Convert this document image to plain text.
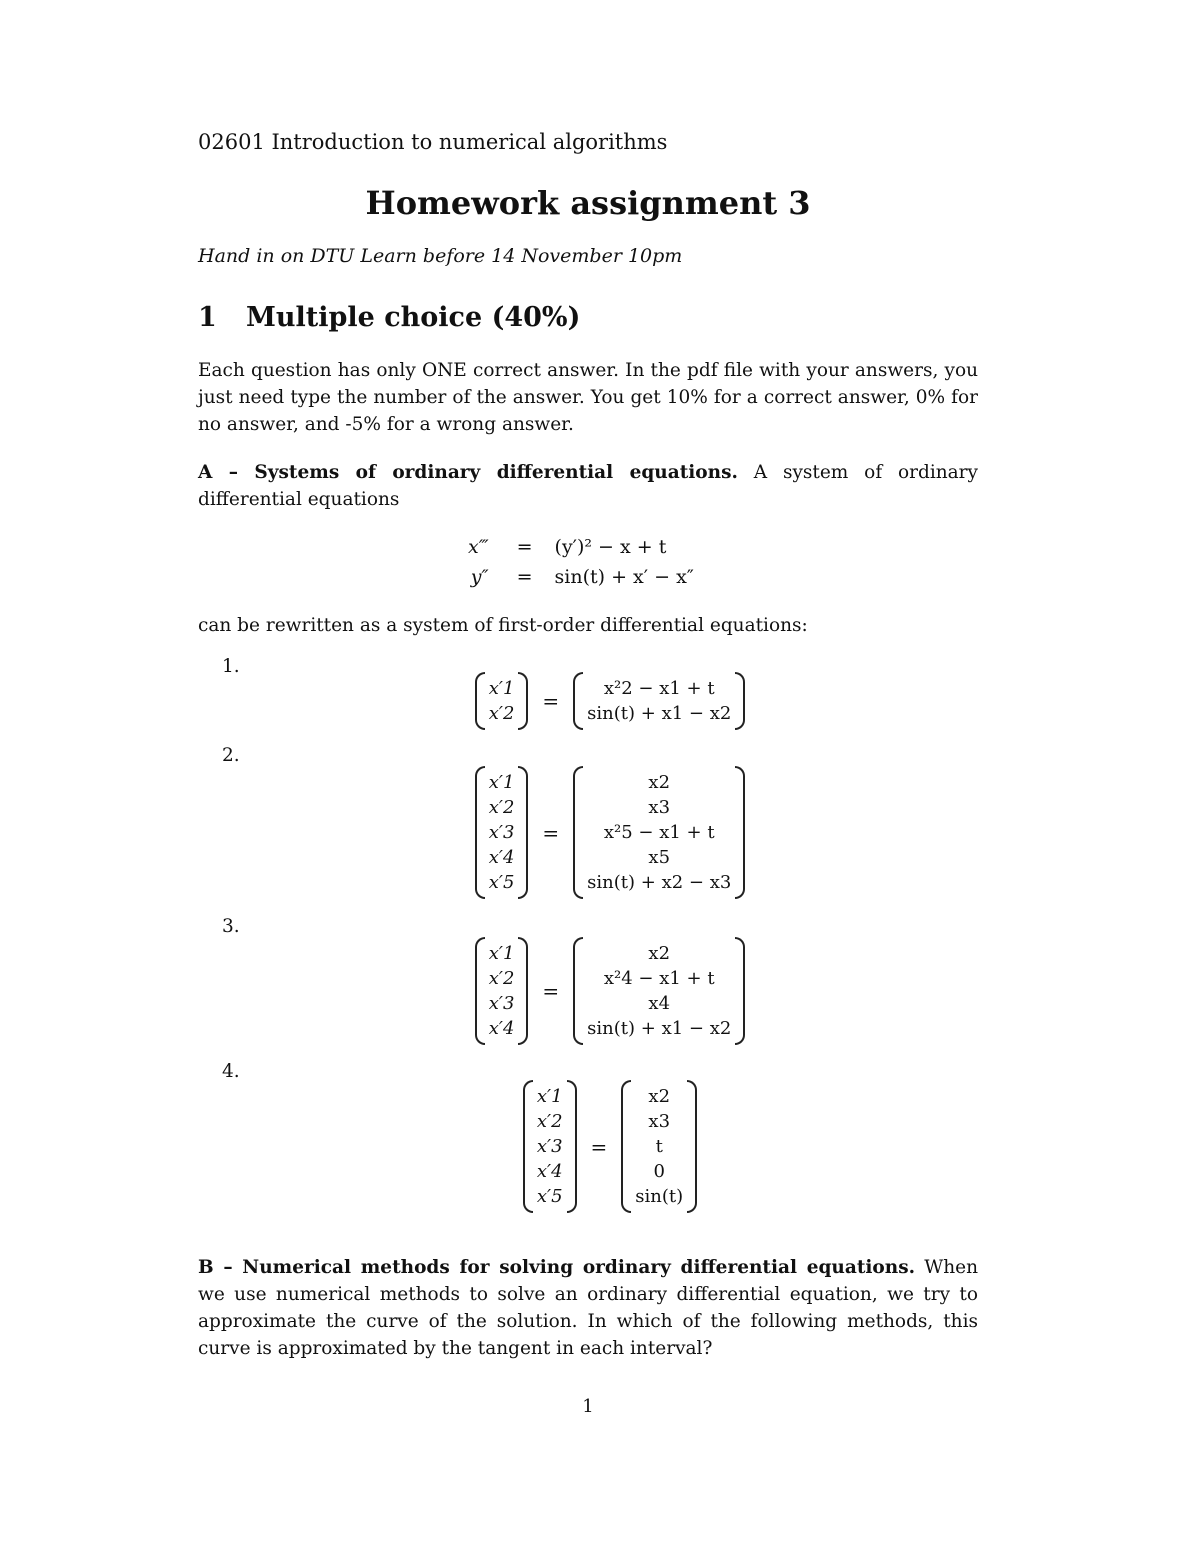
02601 Introduction to numerical algorithms
Homework assignment 3
Hand in on DTU Learn before 14 November 10pm
1 Multiple choice (40%)
Each question has only ONE correct answer. In the pdf file with your answers, you just need type the number of the answer. You get 10% for a correct answer, 0% for no answer, and -5% for a wrong answer.
A – Systems of ordinary differential equations. A system of ordinary differential equations
x‴	=	(y′)² − x + t
y″	=	sin(t) + x′ − x″
can be rewritten as a system of first-order differential equations:
1.
x′1
x′2
=
x²2 − x1 + t
sin(t) + x1 − x2
2.
x′1
x′2
x′3
x′4
x′5
=
x2
x3
x²5 − x1 + t
x5
sin(t) + x2 − x3
3.
x′1
x′2
x′3
x′4
=
x2
x²4 − x1 + t
x4
sin(t) + x1 − x2
4.
x′1
x′2
x′3
x′4
x′5
=
x2
x3
t
0
sin(t)
B – Numerical methods for solving ordinary differential equations. When we use numerical methods to solve an ordinary differential equation, we try to approximate the curve of the solution. In which of the following methods, this curve is approximated by the tangent in each interval?
1
